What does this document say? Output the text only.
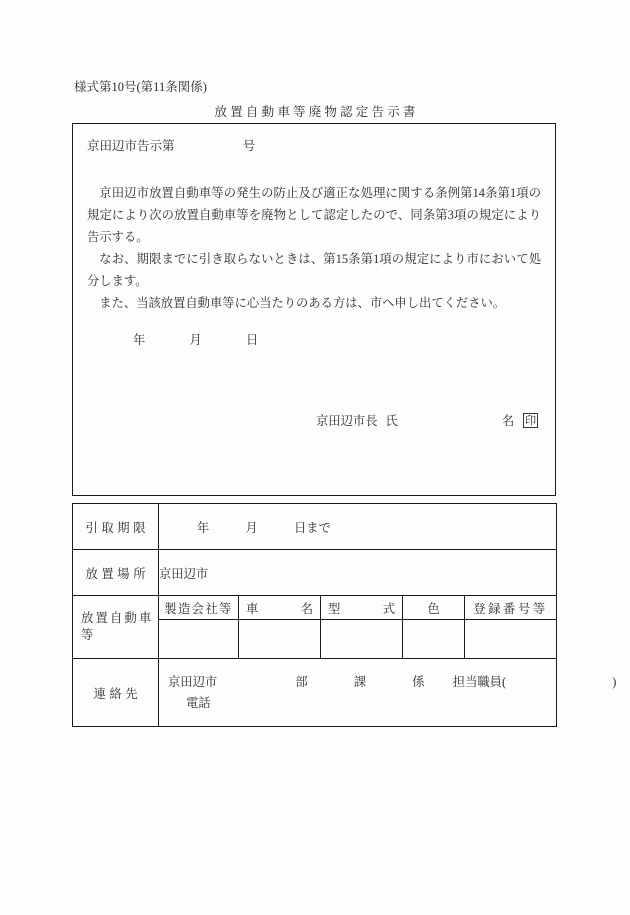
様式第10号(第11条関係)
放置自動車等廃物認定告示書
京田辺市告示第	号

京田辺市放置自動車等の発生の防止及び適正な処理に関する条例第14条第1項の規定により次の放置自動車等を廃物として認定したので、同条第3項の規定により告示する。

なお、期限までに引き取らないときは、第15条第1項の規定により市において処分します。

また、当該放置自動車等に心当たりのある方は、市へ申し出てください。

年	月	日
京田辺市長 氏	名 印
引取期限	年 月 日まで				

放置場所	京田辺市				
放置自動車等	製造会社等	車 名	型 式	色	登録番号等

連絡先	京田辺市 部 課 係 担当職員( )
電話				
